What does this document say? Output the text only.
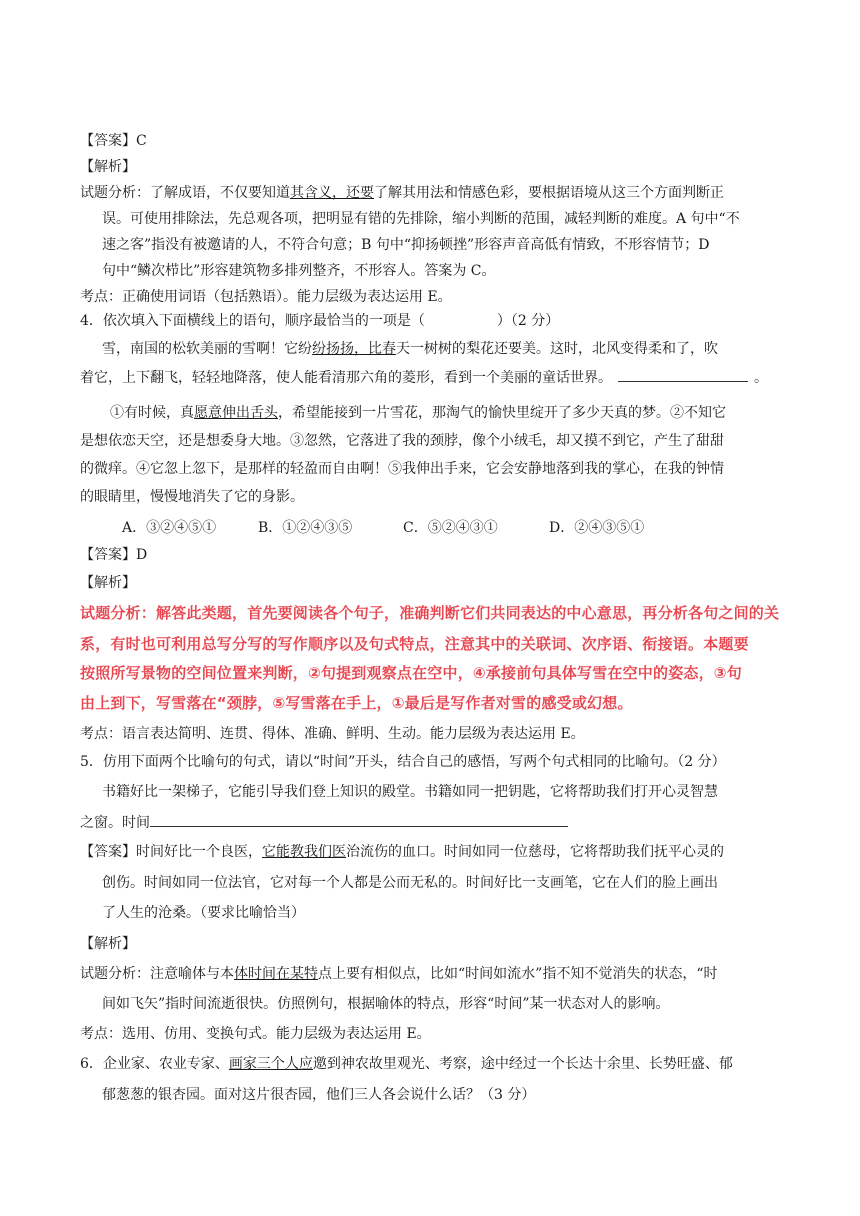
【答案】C
【解析】
试题分析：了解成语，不仅要知道其含义，还要了解其用法和情感色彩，要根据语境从这三个方面判断正
误。可使用排除法，先总观各项，把明显有错的先排除，缩小判断的范围，减轻判断的难度。A 句中“不
速之客”指没有被邀请的人，不符合句意；B 句中“抑扬顿挫”形容声音高低有情致，不形容情节；D
句中“鳞次栉比”形容建筑物多排列整齐，不形容人。答案为 C。
考点：正确使用词语（包括熟语）。能力层级为表达运用 E。
4．依次填入下面横线上的语句，顺序最恰当的一项是（	）（2 分）
雪，南国的松软美丽的雪啊！它纷纷扬扬，比春天一树树的梨花还要美。这时，北风变得柔和了，吹
着它，上下翻飞，轻轻地降落，使人能看清那六角的菱形，看到一个美丽的童话世界。	。
①有时候，真愿意伸出舌头，希望能接到一片雪花，那淘气的愉快里绽开了多少天真的梦。②不知它
是想依恋天空，还是想委身大地。③忽然，它落进了我的颈脖，像个小绒毛，却又摸不到它，产生了甜甜
的微痒。④它忽上忽下，是那样的轻盈而自由啊！⑤我伸出手来，它会安静地落到我的掌心，在我的钟情
的眼睛里，慢慢地消失了它的身影。
A．③②④⑤①	B．①②④③⑤	C．⑤②④③①	D．②④③⑤①
【答案】D
【解析】
试题分析：解答此类题，首先要阅读各个句子，准确判断它们共同表达的中心意思，再分析各句之间的关
系，有时也可利用总写分写的写作顺序以及句式特点，注意其中的关联词、次序语、衔接语。本题要
按照所写景物的空间位置来判断，②句提到观察点在空中，④承接前句具体写雪在空中的姿态，③句
由上到下，写雪落在“颈脖，⑤写雪落在手上，①最后是写作者对雪的感受或幻想。
考点：语言表达简明、连贯、得体、准确、鲜明、生动。能力层级为表达运用 E。
5．仿用下面两个比喻句的句式，请以“时间”开头，结合自己的感悟，写两个句式相同的比喻句。（2 分）
书籍好比一架梯子，它能引导我们登上知识的殿堂。书籍如同一把钥匙，它将帮助我们打开心灵智慧
之窗。时间
【答案】时间好比一个良医，它能教我们医治流伤的血口。时间如同一位慈母，它将帮助我们抚平心灵的
创伤。时间如同一位法官，它对每一个人都是公而无私的。时间好比一支画笔，它在人们的脸上画出
了人生的沧桑。（要求比喻恰当）
【解析】
试题分析：注意喻体与本体时间在某特点上要有相似点，比如“时间如流水”指不知不觉消失的状态，“时
间如飞矢”指时间流逝很快。仿照例句，根据喻体的特点，形容“时间”某一状态对人的影响。
考点：选用、仿用、变换句式。能力层级为表达运用 E。
6．企业家、农业专家、画家三个人应邀到神农故里观光、考察，途中经过一个长达十余里、长势旺盛、郁
郁葱葱的银杏园。面对这片很杏园，他们三人各会说什么话？（3 分）
